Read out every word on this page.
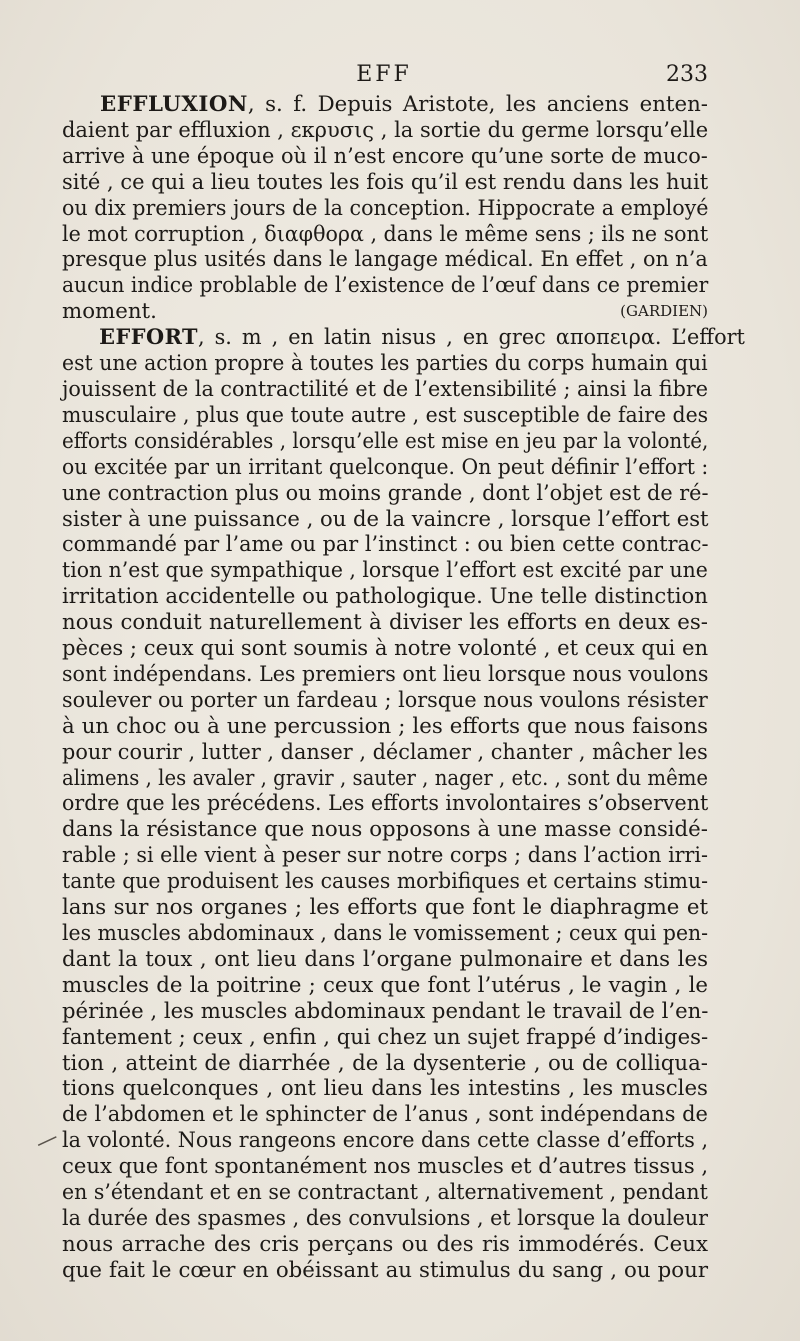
EFF	233
EFFLUXION, s. f. Depuis Aristote, les anciens enten-
daient par effluxion , εκρυσις , la sortie du germe lorsqu’elle
arrive à une époque où il n’est encore qu’une sorte de muco-
sité , ce qui a lieu toutes les fois qu’il est rendu dans les huit
ou dix premiers jours de la conception. Hippocrate a employé
le mot corruption , διαφθορα , dans le même sens ; ils ne sont
presque plus usités dans le langage médical. En effet , on n’a
aucun indice problable de l’existence de l’œuf dans ce premier
moment.	(GARDIEN)
EFFORT, s. m , en latin nisus , en grec αποπειρα. L’effort
est une action propre à toutes les parties du corps humain qui
jouissent de la contractilité et de l’extensibilité ; ainsi la fibre
musculaire , plus que toute autre , est susceptible de faire des
efforts considérables , lorsqu’elle est mise en jeu par la volonté,
ou excitée par un irritant quelconque. On peut définir l’effort :
une contraction plus ou moins grande , dont l’objet est de ré-
sister à une puissance , ou de la vaincre , lorsque l’effort est
commandé par l’ame ou par l’instinct : ou bien cette contrac-
tion n’est que sympathique , lorsque l’effort est excité par une
irritation accidentelle ou pathologique. Une telle distinction
nous conduit naturellement à diviser les efforts en deux es-
pèces ; ceux qui sont soumis à notre volonté , et ceux qui en
sont indépendans. Les premiers ont lieu lorsque nous voulons
soulever ou porter un fardeau ; lorsque nous voulons résister
à un choc ou à une percussion ; les efforts que nous faisons
pour courir , lutter , danser , déclamer , chanter , mâcher les
alimens , les avaler , gravir , sauter , nager , etc. , sont du même
ordre que les précédens. Les efforts involontaires s’observent
dans la résistance que nous opposons à une masse considé-
rable ; si elle vient à peser sur notre corps ; dans l’action irri-
tante que produisent les causes morbifiques et certains stimu-
lans sur nos organes ; les efforts que font le diaphragme et
les muscles abdominaux , dans le vomissement ; ceux qui pen-
dant la toux , ont lieu dans l’organe pulmonaire et dans les
muscles de la poitrine ; ceux que font l’utérus , le vagin , le
périnée , les muscles abdominaux pendant le travail de l’en-
fantement ; ceux , enfin , qui chez un sujet frappé d’indiges-
tion , atteint de diarrhée , de la dysenterie , ou de colliqua-
tions quelconques , ont lieu dans les intestins , les muscles
de l’abdomen et le sphincter de l’anus , sont indépendans de
la volonté. Nous rangeons encore dans cette classe d’efforts ,
ceux que font spontanément nos muscles et d’autres tissus ,
en s’étendant et en se contractant , alternativement , pendant
la durée des spasmes , des convulsions , et lorsque la douleur
nous arrache des cris perçans ou des ris immodérés. Ceux
que fait le cœur en obéissant au stimulus du sang , ou pour
—
